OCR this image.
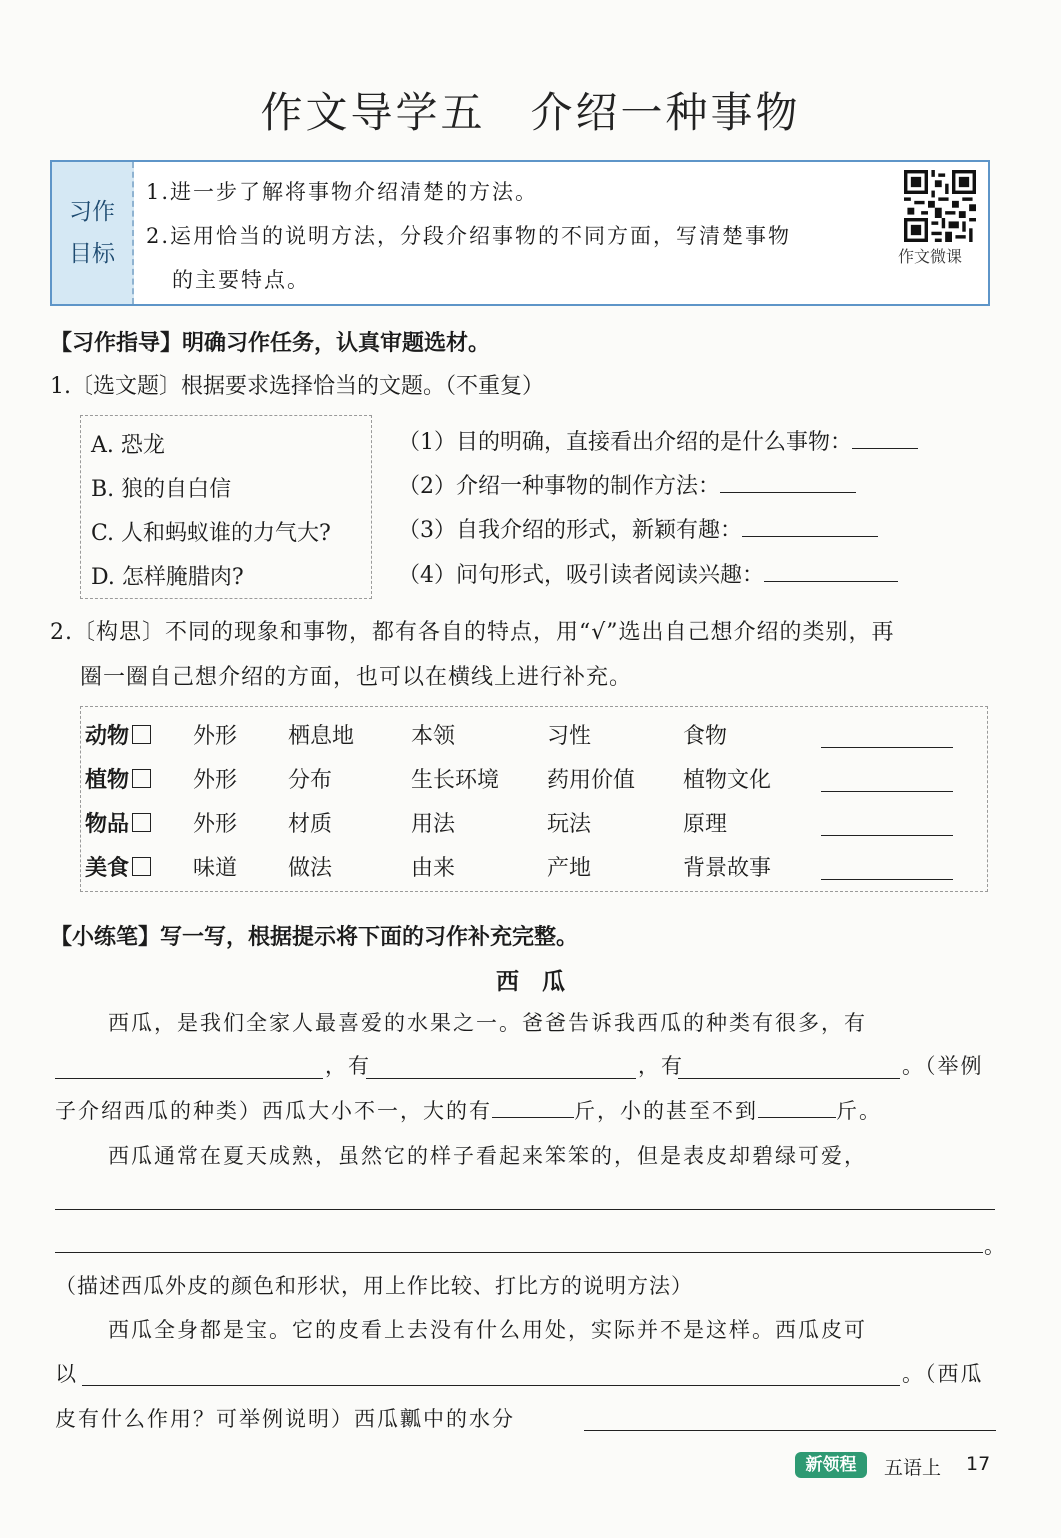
作文导学五　介绍一种事物
习作
目标
1.进一步了解将事物介绍清楚的方法。
2.运用恰当的说明方法，分段介绍事物的不同方面，写清楚事物
的主要特点。
作文微课
【习作指导】明确习作任务，认真审题选材。
1.〔选文题〕根据要求选择恰当的文题。（不重复）
A. 恐龙
B. 狼的自白信
C. 人和蚂蚁谁的力气大?
D. 怎样腌腊肉?
（1）目的明确，直接看出介绍的是什么事物：
（2）介绍一种事物的制作方法：
（3）自我介绍的形式，新颖有趣：
（4）问句形式，吸引读者阅读兴趣：
2.〔构思〕不同的现象和事物，都有各自的特点，用“√”选出自己想介绍的类别，再
圈一圈自己想介绍的方面，也可以在横线上进行补充。
动物	外形 栖息地	本领	习性	食物
植物	外形 分布	生长环境 药用价值 植物文化
物品	外形 材质	用法	玩法	原理
美食	味道 做法	由来	产地	背景故事
【小练笔】写一写，根据提示将下面的习作补充完整。
西　瓜
西瓜，是我们全家人最喜爱的水果之一。爸爸告诉我西瓜的种类有很多，有
，有	，有	。（举例
子介绍西瓜的种类）西瓜大小不一，大的有	斤，小的甚至不到	斤。
西瓜通常在夏天成熟，虽然它的样子看起来笨笨的，但是表皮却碧绿可爱，
。
（描述西瓜外皮的颜色和形状，用上作比较、打比方的说明方法）
西瓜全身都是宝。它的皮看上去没有什么用处，实际并不是这样。西瓜皮可
以	。（西瓜
皮有什么作用？可举例说明）西瓜瓤中的水分
新领程	五语上 17
